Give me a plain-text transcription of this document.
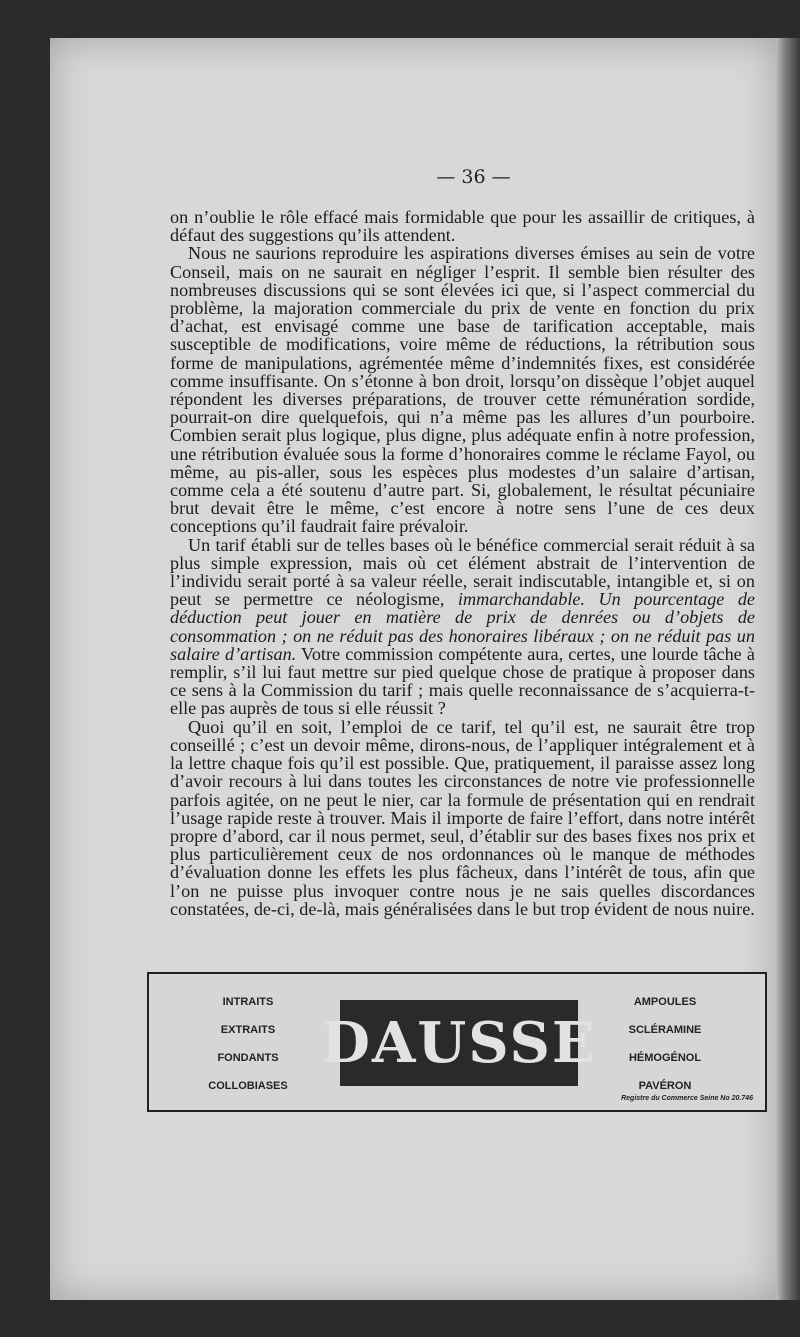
— 36 —

on n’oublie le rôle effacé mais formidable que pour les assaillir de critiques, à défaut des suggestions qu’ils attendent.

Nous ne saurions reproduire les aspirations diverses émises au sein de votre Conseil, mais on ne saurait en négliger l’esprit. Il semble bien résulter des nombreuses discussions qui se sont élevées ici que, si l’aspect commercial du problème, la majoration commerciale du prix de vente en fonction du prix d’achat, est envisagé comme une base de tarification acceptable, mais susceptible de modifications, voire même de réductions, la rétribution sous forme de manipulations, agrémentée même d’indemnités fixes, est considérée comme insuffisante. On s’étonne à bon droit, lorsqu’on dissèque l’objet auquel répondent les diverses préparations, de trouver cette rémunération sordide, pourrait-on dire quelquefois, qui n’a même pas les allures d’un pourboire. Combien serait plus logique, plus digne, plus adéquate enfin à notre profession, une rétribution évaluée sous la forme d’honoraires comme le réclame Fayol, ou même, au pis-aller, sous les espèces plus modestes d’un salaire d’artisan, comme cela a été soutenu d’autre part. Si, globalement, le résultat pécuniaire brut devait être le même, c’est encore à notre sens l’une de ces deux conceptions qu’il faudrait faire prévaloir.

Un tarif établi sur de telles bases où le bénéfice commercial serait réduit à sa plus simple expression, mais où cet élément abstrait de l’intervention de l’individu serait porté à sa valeur réelle, serait indiscutable, intangible et, si on peut se permettre ce néologisme, immarchandable. Un pourcentage de déduction peut jouer en matière de prix de denrées ou d’objets de consommation ; on ne réduit pas des honoraires libéraux ; on ne réduit pas un salaire d’artisan. Votre commission compétente aura, certes, une lourde tâche à remplir, s’il lui faut mettre sur pied quelque chose de pratique à proposer dans ce sens à la Commission du tarif ; mais quelle reconnaissance de s’acquierra-t-elle pas auprès de tous si elle réussit ?

Quoi qu’il en soit, l’emploi de ce tarif, tel qu’il est, ne saurait être trop conseillé ; c’est un devoir même, dirons-nous, de l’appliquer intégralement et à la lettre chaque fois qu’il est possible. Que, pratiquement, il paraisse assez long d’avoir recours à lui dans toutes les circonstances de notre vie professionnelle parfois agitée, on ne peut le nier, car la formule de présentation qui en rendrait l’usage rapide reste à trouver. Mais il importe de faire l’effort, dans notre intérêt propre d’abord, car il nous permet, seul, d’établir sur des bases fixes nos prix et plus particulièrement ceux de nos ordonnances où le manque de méthodes d’évaluation donne les effets les plus fâcheux, dans l’intérêt de tous, afin que l’on ne puisse plus invoquer contre nous je ne sais quelles discordances constatées, de-ci, de-là, mais généralisées dans le but trop évident de nous nuire.

INTRAITS
EXTRAITS
FONDANTS
COLLOBIASES
DAUSSE
AMPOULES
SCLÉRAMINE
HÉMOGÉNOL
PAVÉRON
Registre du Commerce Seine No 20.746
